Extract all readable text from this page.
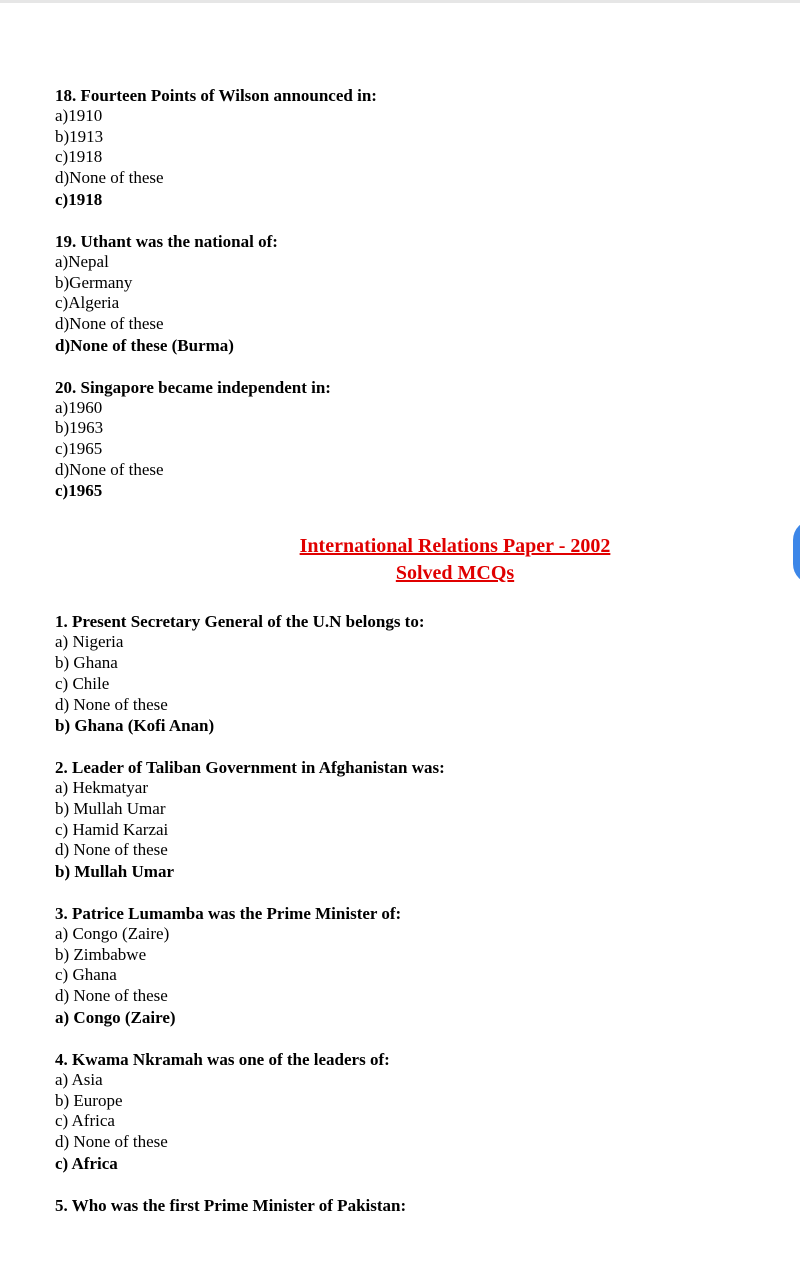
18. Fourteen Points of Wilson announced in:

a)1910

b)1913

c)1918

d)None of these

c)1918

19. Uthant was the national of:

a)Nepal

b)Germany

c)Algeria

d)None of these

d)None of these (Burma)

20. Singapore became independent in:

a)1960

b)1963

c)1965

d)None of these

c)1965

International Relations Paper - 2002
Solved MCQs

1. Present Secretary General of the U.N belongs to:

a) Nigeria

b) Ghana

c) Chile

d) None of these

b) Ghana (Kofi Anan)

2. Leader of Taliban Government in Afghanistan was:

a) Hekmatyar

b) Mullah Umar

c) Hamid Karzai

d) None of these

b) Mullah Umar

3. Patrice Lumamba was the Prime Minister of:

a) Congo (Zaire)

b) Zimbabwe

c) Ghana

d) None of these

a) Congo (Zaire)

4. Kwama Nkramah was one of the leaders of:

a) Asia

b) Europe

c) Africa

d) None of these

c) Africa

5. Who was the first Prime Minister of Pakistan:
